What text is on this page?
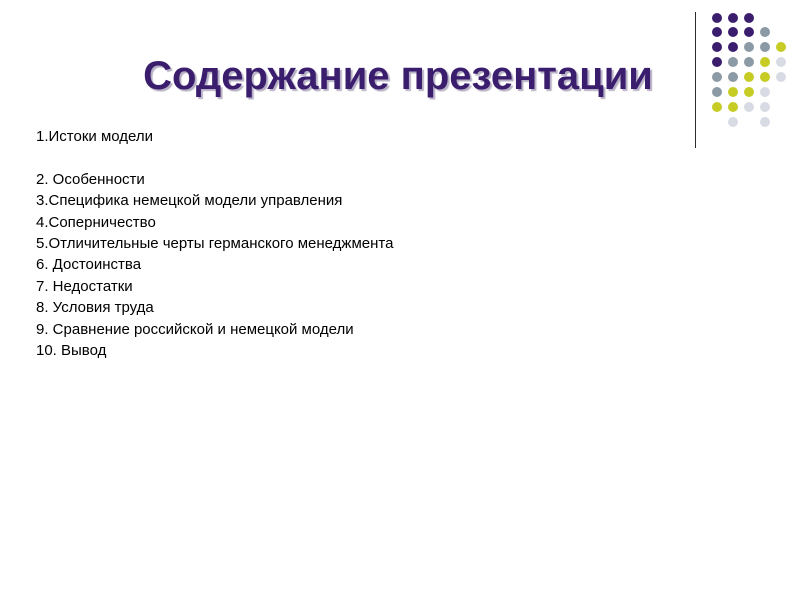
Содержание презентации
1.Истоки модели
2. Особенности
3.Специфика немецкой модели управления
4.Соперничество
5.Отличительные черты германского менеджмента
6. Достоинства
7. Недостатки
8. Условия труда
9. Сравнение российской и немецкой модели
10. Вывод
